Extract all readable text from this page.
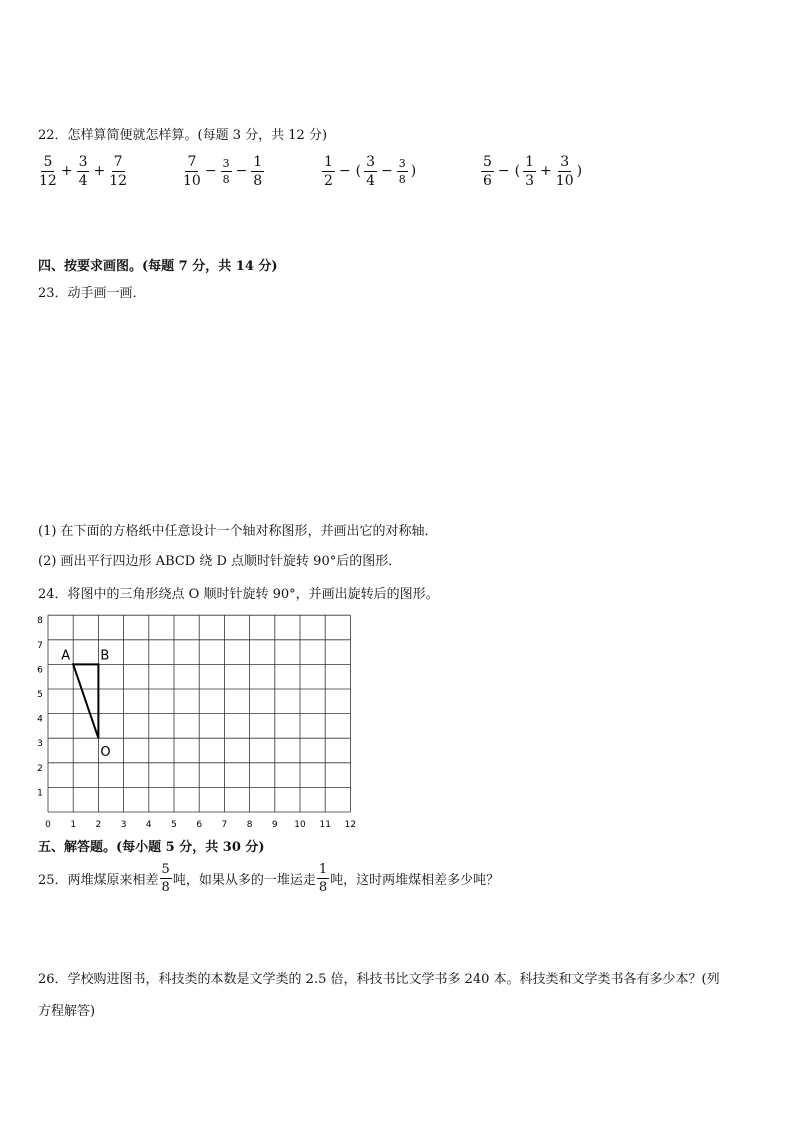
22．怎样算简便就怎样算。(每题 3 分，共 12 分)
$\frac{5}{12} + \frac{3}{4} + \frac{7}{12}$	$\frac{7}{10} - \frac{3}{8} - \frac{1}{8}$	$\frac{1}{2}$ − ( $\frac{3}{4} - \frac{3}{8}$ )	$\frac{5}{6}$ − ( $\frac{1}{3} + \frac{3}{10}$ )
四、按要求画图。(每题 7 分，共 14 分)
23．动手画一画．
(1) 在下面的方格纸中任意设计一个轴对称图形，并画出它的对称轴．
(2) 画出平行四边形 ABCD 绕 D 点顺时针旋转 90°后的图形．
24．将图中的三角形绕点 O 顺时针旋转 90°，并画出旋转后的图形。
0 1 2 3 4 5 6 7 8 9 10 11 12
1
2
3
4
5
6
7
8
A B
O
五、解答题。(每小题 5 分，共 30 分)
25．两堆煤原来相差 $\frac{5}{8}$ 吨，如果从多的一堆运走 $\frac{1}{8}$ 吨，这时两堆煤相差多少吨？
26．学校购进图书，科技类的本数是文学类的 2.5 倍，科技书比文学书多 240 本。科技类和文学类书各有多少本？(列
方程解答)
